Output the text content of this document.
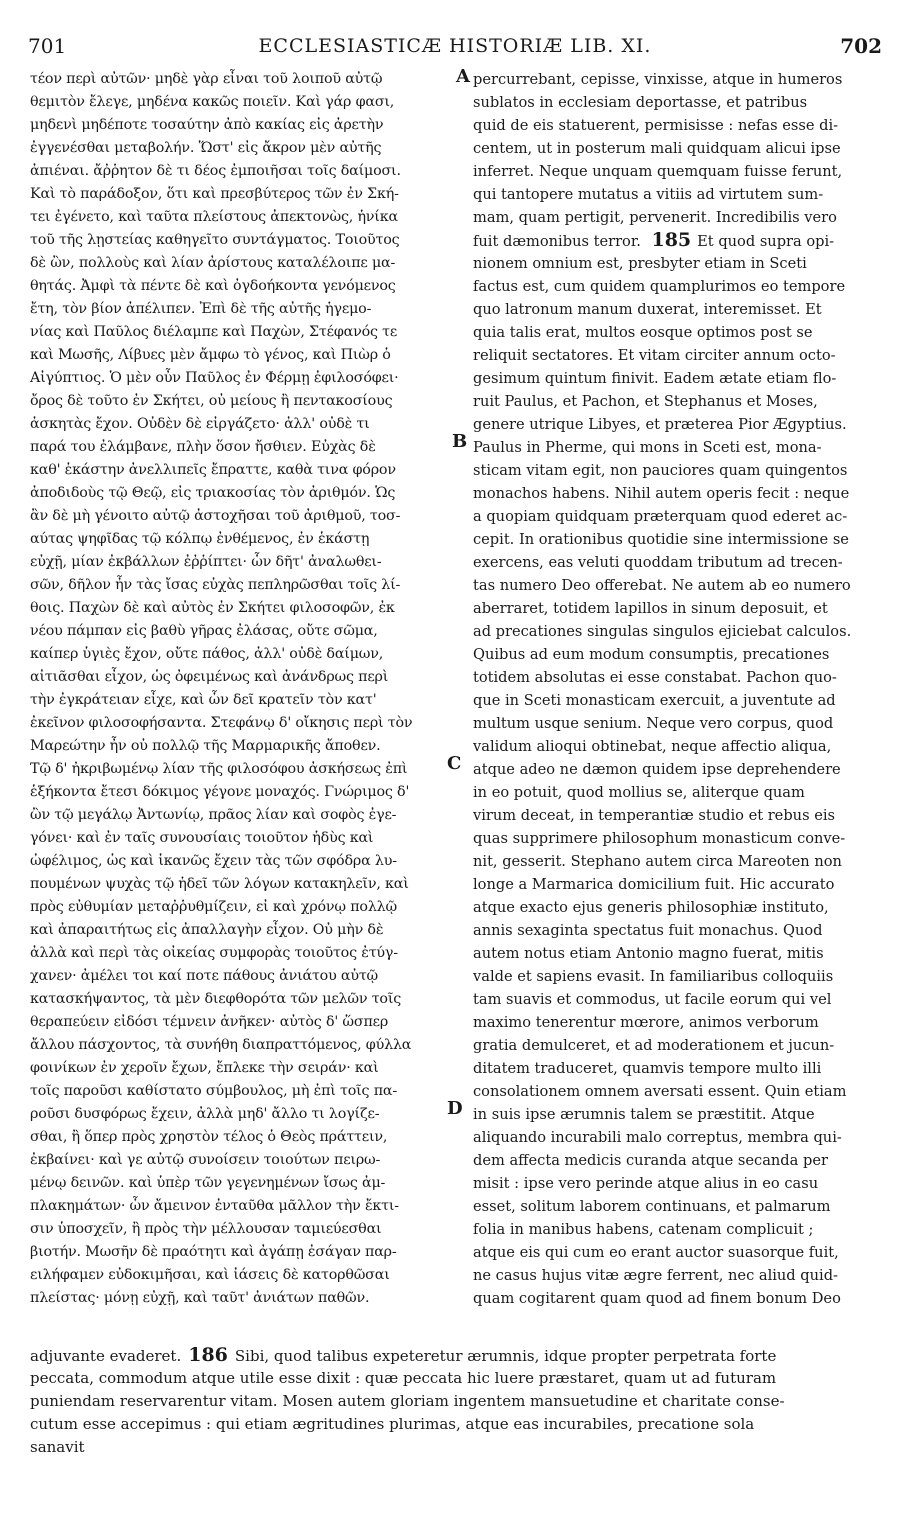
701	ECCLESIASTICÆ HISTORIÆ LIB. XI.	702
τέον περὶ αὐτῶν· μηδὲ γὰρ εἶναι τοῦ λοιποῦ αὐτῷ
θεμιτὸν ἔλεγε, μηδένα κακῶς ποιεῖν. Καὶ γάρ φασι,
μηδενὶ μηδέποτε τοσαύτην ἀπὸ κακίας εἰς ἀρετὴν
ἐγγενέσθαι μεταβολήν. Ὥστ' εἰς ἄκρον μὲν αὐτῆς
ἀπιέναι. ἄῤῥητον δὲ τι δέος ἐμποιῆσαι τοῖς δαίμοσι.
Καὶ τὸ παράδοξον, ὅτι καὶ πρεσβύτερος τῶν ἐν Σκή-
τει ἐγένετο, καὶ ταῦτα πλείστους ἀπεκτονὼς, ἡνίκα
τοῦ τῆς λῃστείας καθηγεῖτο συντάγματος. Τοιοῦτος
δὲ ὢν, πολλοὺς καὶ λίαν ἀρίστους καταλέλοιπε μα-
θητάς. Ἀμφὶ τὰ πέντε δὲ καὶ ὀγδοήκοντα γενόμενος
ἔτη, τὸν βίον ἀπέλιπεν. Ἐπὶ δὲ τῆς αὐτῆς ἡγεμο-
νίας καὶ Παῦλος διέλαμπε καὶ Παχὼν, Στέφανός τε
καὶ Μωσῆς, Λίβυες μὲν ἄμφω τὸ γένος, καὶ Πιὼρ ὁ
Αἰγύπτιος. Ὁ μὲν οὖν Παῦλος ἐν Φέρμῃ ἐφιλοσόφει·
ὄρος δὲ τοῦτο ἐν Σκήτει, οὐ μείους ἢ πεντακοσίους
ἀσκητὰς ἔχον. Οὐδὲν δὲ εἰργάζετο· ἀλλ' οὐδὲ τι
παρά του ἐλάμβανε, πλὴν ὅσον ἤσθιεν. Εὐχὰς δὲ
καθ' ἑκάστην ἀνελλιπεῖς ἔπραττε, καθὰ τινα φόρον
ἀποδιδοὺς τῷ Θεῷ, εἰς τριακοσίας τὸν ἀριθμόν. Ὡς
ἂν δὲ μὴ γένοιτο αὐτῷ ἀστοχῆσαι τοῦ ἀριθμοῦ, τοσ-
αύτας ψηφῖδας τῷ κόλπῳ ἐνθέμενος, ἐν ἑκάστῃ
εὐχῇ, μίαν ἐκβάλλων ἐῤῥίπτει· ὧν δῆτ' ἀναλωθει-
σῶν, δῆλον ἦν τὰς ἴσας εὐχὰς πεπληρῶσθαι τοῖς λί-
θοις. Παχὼν δὲ καὶ αὐτὸς ἐν Σκήτει φιλοσοφῶν, ἐκ
νέου πάμπαν εἰς βαθὺ γῆρας ἐλάσας, οὔτε σῶμα,
καίπερ ὑγιὲς ἔχον, οὔτε πάθος, ἀλλ' οὐδὲ δαίμων,
αἰτιᾶσθαι εἶχον, ὡς ὀφειμένως καὶ ἀνάνδρως περὶ
τὴν ἐγκράτειαν εἶχε, καὶ ὧν δεῖ κρατεῖν τὸν κατ'
ἐκεῖνον φιλοσοφήσαντα. Στεφάνῳ δ' οἴκησις περὶ τὸν
Μαρεώτην ἦν οὐ πολλῷ τῆς Μαρμαρικῆς ἄποθεν.
Τῷ δ' ἠκριβωμένῳ λίαν τῆς φιλοσόφου ἀσκήσεως ἐπὶ
ἑξήκοντα ἔτεσι δόκιμος γέγονε μοναχός. Γνώριμος δ'
ὢν τῷ μεγάλῳ Ἀντωνίῳ, πρᾶος λίαν καὶ σοφὸς ἐγε-
γόνει· καὶ ἐν ταῖς συνουσίαις τοιοῦτον ἡδὺς καὶ
ὠφέλιμος, ὡς καὶ ἱκανῶς ἔχειν τὰς τῶν σφόδρα λυ-
πουμένων ψυχὰς τῷ ἡδεῖ τῶν λόγων κατακηλεῖν, καὶ
πρὸς εὐθυμίαν μεταῤῥυθμίζειν, εἰ καὶ χρόνῳ πολλῷ
καὶ ἀπαραιτήτως εἰς ἀπαλλαγὴν εἶχον. Οὐ μὴν δὲ
ἀλλὰ καὶ περὶ τὰς οἰκείας συμφορὰς τοιοῦτος ἐτύγ-
χανεν· ἀμέλει τοι καί ποτε πάθους ἀνιάτου αὐτῷ
κατασκήψαντος, τὰ μὲν διεφθορότα τῶν μελῶν τοῖς
θεραπεύειν εἰδόσι τέμνειν ἀνῆκεν· αὐτὸς δ' ὥσπερ
ἄλλου πάσχοντος, τὰ συνήθη διαπραττόμενος, φύλλα
φοινίκων ἐν χεροῖν ἔχων, ἔπλεκε τὴν σειράν· καὶ
τοῖς παροῦσι καθίστατο σύμβουλος, μὴ ἐπὶ τοῖς πα-
ροῦσι δυσφόρως ἔχειν, ἀλλὰ μηδ' ἄλλο τι λογίζε-
σθαι, ἢ ὅπερ πρὸς χρηστὸν τέλος ὁ Θεὸς πράττειν,
ἐκβαίνει· καὶ γε αὐτῷ συνοίσειν τοιούτων πειρω-
μένῳ δεινῶν. καὶ ὑπὲρ τῶν γεγενημένων ἴσως ἀμ-
πλακημάτων· ὧν ἄμεινον ἐνταῦθα μᾶλλον τὴν ἔκτι-
σιν ὑποσχεῖν, ἢ πρὸς τὴν μέλλουσαν ταμιεύεσθαι
βιοτήν. Μωσῆν δὲ πραότητι καὶ ἀγάπῃ ἐσάγαν παρ-
ειλήφαμεν εὐδοκιμῆσαι, καὶ ἰάσεις δὲ κατορθῶσαι
πλείστας· μόνῃ εὐχῇ, καὶ ταῦτ' ἀνιάτων παθῶν.
percurrebant, cepisse, vinxisse, atque in humeros
sublatos in ecclesiam deportasse, et patribus
quid de eis statuerent, permisisse : nefas esse di-
centem, ut in posterum mali quidquam alicui ipse
inferret. Neque unquam quemquam fuisse ferunt,
qui tantopere mutatus a vitiis ad virtutem sum-
mam, quam pertigit, pervenerit. Incredibilis vero
fuit dæmonibus terror. 185 Et quod supra opi-
nionem omnium est, presbyter etiam in Sceti
factus est, cum quidem quamplurimos eo tempore
quo latronum manum duxerat, interemisset. Et
quia talis erat, multos eosque optimos post se
reliquit sectatores. Et vitam circiter annum octo-
gesimum quintum finivit. Eadem ætate etiam flo-
ruit Paulus, et Pachon, et Stephanus et Moses,
genere utrique Libyes, et præterea Pior Ægyptius.
Paulus in Pherme, qui mons in Sceti est, mona-
sticam vitam egit, non pauciores quam quingentos
monachos habens. Nihil autem operis fecit : neque
a quopiam quidquam præterquam quod ederet ac-
cepit. In orationibus quotidie sine intermissione se
exercens, eas veluti quoddam tributum ad trecen-
tas numero Deo offerebat. Ne autem ab eo numero
aberraret, totidem lapillos in sinum deposuit, et
ad precationes singulas singulos ejiciebat calculos.
Quibus ad eum modum consumptis, precationes
totidem absolutas ei esse constabat. Pachon quo-
que in Sceti monasticam exercuit, a juventute ad
multum usque senium. Neque vero corpus, quod
validum alioqui obtinebat, neque affectio aliqua,
atque adeo ne dæmon quidem ipse deprehendere
in eo potuit, quod mollius se, aliterque quam
virum deceat, in temperantiæ studio et rebus eis
quas supprimere philosophum monasticum conve-
nit, gesserit. Stephano autem circa Mareoten non
longe a Marmarica domicilium fuit. Hic accurato
atque exacto ejus generis philosophiæ instituto,
annis sexaginta spectatus fuit monachus. Quod
autem notus etiam Antonio magno fuerat, mitis
valde et sapiens evasit. In familiaribus colloquiis
tam suavis et commodus, ut facile eorum qui vel
maximo tenerentur mœrore, animos verborum
gratia demulceret, et ad moderationem et jucun-
ditatem traduceret, quamvis tempore multo illi
consolationem omnem aversati essent. Quin etiam
in suis ipse ærumnis talem se præstitit. Atque
aliquando incurabili malo correptus, membra qui-
dem affecta medicis curanda atque secanda per
misit : ipse vero perinde atque alius in eo casu
esset, solitum laborem continuans, et palmarum
folia in manibus habens, catenam complicuit ;
atque eis qui cum eo erant auctor suasorque fuit,
ne casus hujus vitæ ægre ferrent, nec aliud quid-
quam cogitarent quam quod ad finem bonum Deo
A
B
C
D
adjuvante evaderet. 186 Sibi, quod talibus expeteretur ærumnis, idque propter perpetrata forte
peccata, commodum atque utile esse dixit : quæ peccata hic luere præstaret, quam ut ad futuram
puniendam reservarentur vitam. Mosen autem gloriam ingentem mansuetudine et charitate conse-
cutum esse accepimus : qui etiam ægritudines plurimas, atque eas incurabiles, precatione sola
sanavit
